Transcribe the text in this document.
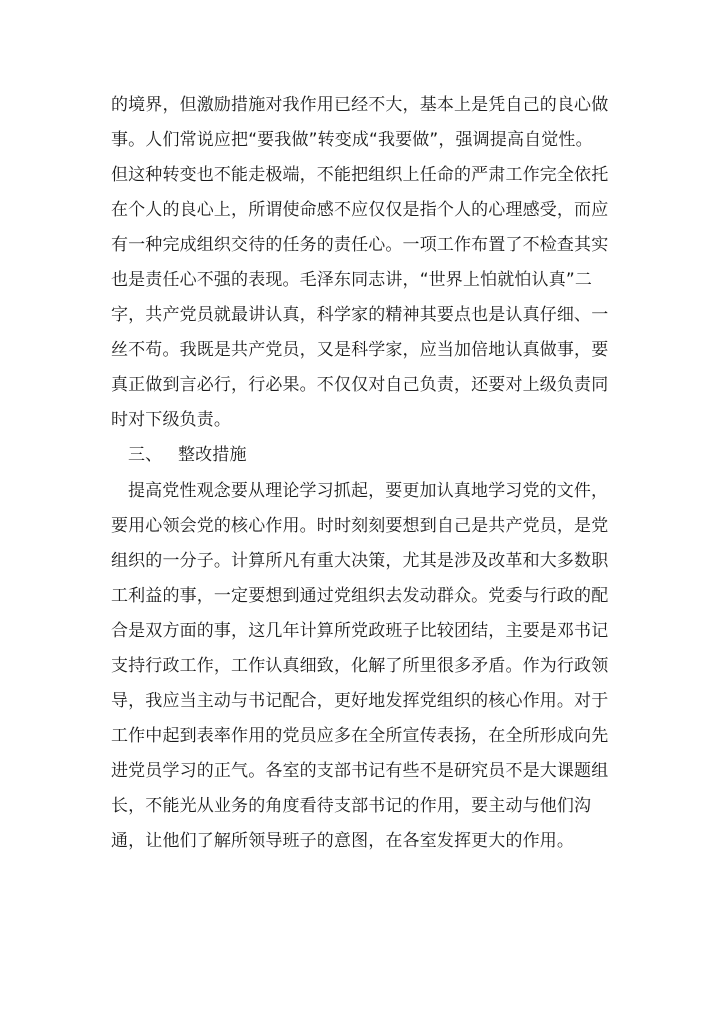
的境界，但激励措施对我作用已经不大，基本上是凭自己的良心做
事。人们常说应把“要我做”转变成“我要做”，强调提高自觉性。
但这种转变也不能走极端，不能把组织上任命的严肃工作完全依托
在个人的良心上，所谓使命感不应仅仅是指个人的心理感受，而应
有一种完成组织交待的任务的责任心。一项工作布置了不检查其实
也是责任心不强的表现。毛泽东同志讲，“世界上怕就怕认真”二
字，共产党员就最讲认真，科学家的精神其要点也是认真仔细、一
丝不苟。我既是共产党员，又是科学家，应当加倍地认真做事，要
真正做到言必行，行必果。不仅仅对自己负责，还要对上级负责同
时对下级负责。
三、 整改措施
提高党性观念要从理论学习抓起，要更加认真地学习党的文件，
要用心领会党的核心作用。时时刻刻要想到自己是共产党员，是党
组织的一分子。计算所凡有重大决策，尤其是涉及改革和大多数职
工利益的事，一定要想到通过党组织去发动群众。党委与行政的配
合是双方面的事，这几年计算所党政班子比较团结，主要是邓书记
支持行政工作，工作认真细致，化解了所里很多矛盾。作为行政领
导，我应当主动与书记配合，更好地发挥党组织的核心作用。对于
工作中起到表率作用的党员应多在全所宣传表扬，在全所形成向先
进党员学习的正气。各室的支部书记有些不是研究员不是大课题组
长，不能光从业务的角度看待支部书记的作用，要主动与他们沟
通，让他们了解所领导班子的意图，在各室发挥更大的作用。
